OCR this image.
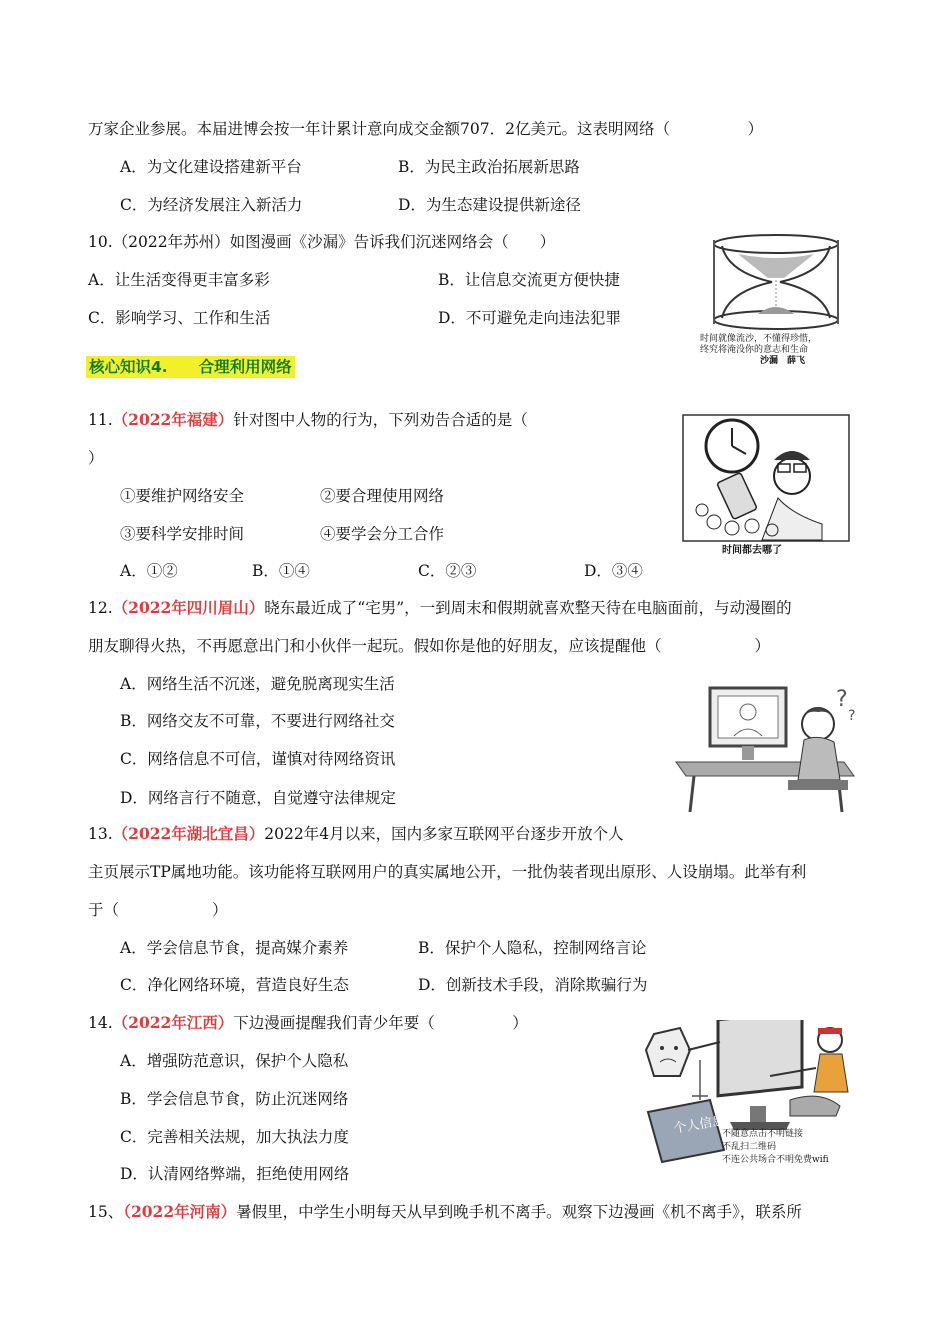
万家企业参展。本届进博会按一年计累计意向成交金额707．2亿美元。这表明网络（　　　　　）
A．为文化建设搭建新平台	B．为民主政治拓展新思路
C．为经济发展注入新活力	D．为生态建设提供新途径
10.（2022年苏州）如图漫画《沙漏》告诉我们沉迷网络会（　　）
A．让生活变得更丰富多彩	B．让信息交流更方便快捷
C．影响学习、工作和生活	D．不可避免走向违法犯罪
时间就像流沙，不懂得珍惜，
终究将淹没你的意志和生命
沙漏　薛飞
核心知识4.　　合理利用网络
11.（2022年福建）针对图中人物的行为，下列劝告合适的是（
）
①要维护网络安全	②要合理使用网络
③要科学安排时间	④要学会分工合作
A．①②	B．①④	C．②③	D．③④
时间都去哪了
12.（2022年四川眉山）晓东最近成了“宅男”，一到周末和假期就喜欢整天待在电脑面前，与动漫圈的
朋友聊得火热，不再愿意出门和小伙伴一起玩。假如你是他的好朋友，应该提醒他（　　　　　　）
A．网络生活不沉迷，避免脱离现实生活
B．网络交友不可靠，不要进行网络社交
C．网络信息不可信，谨慎对待网络资讯
D．网络言行不随意，自觉遵守法律规定
?
?
13.（2022年湖北宜昌）2022年4月以来，国内多家互联网平台逐步开放个人
主页展示TP属地功能。该功能将互联网用户的真实属地公开，一批伪装者现出原形、人设崩塌。此举有利
于（　　　　　　）
A．学会信息节食，提高媒介素养	B．保护个人隐私，控制网络言论
C．净化网络环境，营造良好生态	D．创新技术手段，消除欺骗行为
14.（2022年江西）下边漫画提醒我们青少年要（　　　　　）
A．增强防范意识，保护个人隐私
B．学会信息节食，防止沉迷网络
C．完善相关法规，加大执法力度
D．认清网络弊端，拒绝使用网络
个人信息
不随意点击不明链接
不乱扫二维码
不连公共场合不明免费wifi
15、（2022年河南）暑假里，中学生小明每天从早到晚手机不离手。观察下边漫画《机不离手》，联系所
